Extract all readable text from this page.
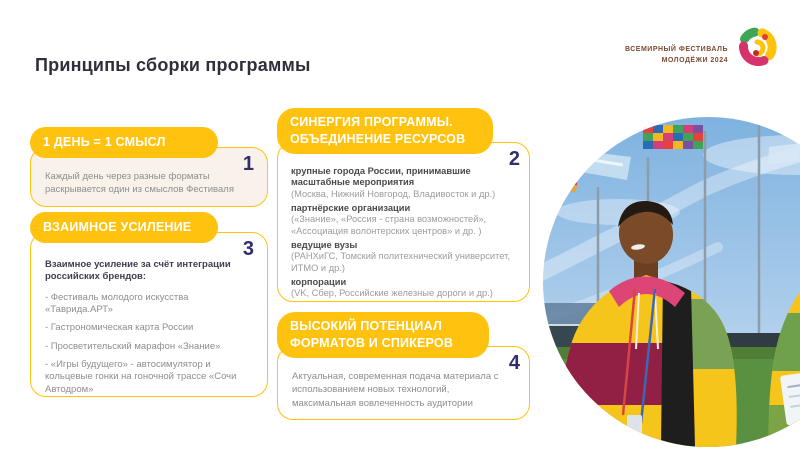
Принципы сборки программы
ВСЕМИРНЫЙ ФЕСТИВАЛЬ
МОЛОДЁЖИ 2024
1 ДЕНЬ = 1 СМЫСЛ
1
Каждый день через разные форматы раскрывается один из смыслов Фестиваля
ВЗАИМНОЕ УСИЛЕНИЕ
3

Взаимное усиление за счёт интеграции российских брендов:

- Фестиваль молодого искусства «Таврида.АРТ»

- Гастрономическая карта России

- Просветительский марафон «Знание»

- «Игры будущего» - автосимулятор и кольцевые гонки на гоночной трассе «Сочи Автодром»

СИНЕРГИЯ ПРОГРАММЫ.
ОБЪЕДИНЕНИЕ РЕСУРСОВ
2

крупные города России, принимавшие масштабные мероприятия

(Москва, Нижний Новгород, Владивосток и др.)

партнёрские организации

(«Знание», «Россия - страна возможностей», «Ассоциация волонтерских центров» и др. )

ведущие вузы

(РАНХиГС, Томский политехнический университет, ИТМО и др.)

корпорации

(VK, Сбер, Российские железные дороги и др.)

ВЫСОКИЙ ПОТЕНЦИАЛ
ФОРМАТОВ И СПИКЕРОВ
4
Актуальная, современная подача материала с использованием новых технологий, максимальная вовлеченность аудитории
